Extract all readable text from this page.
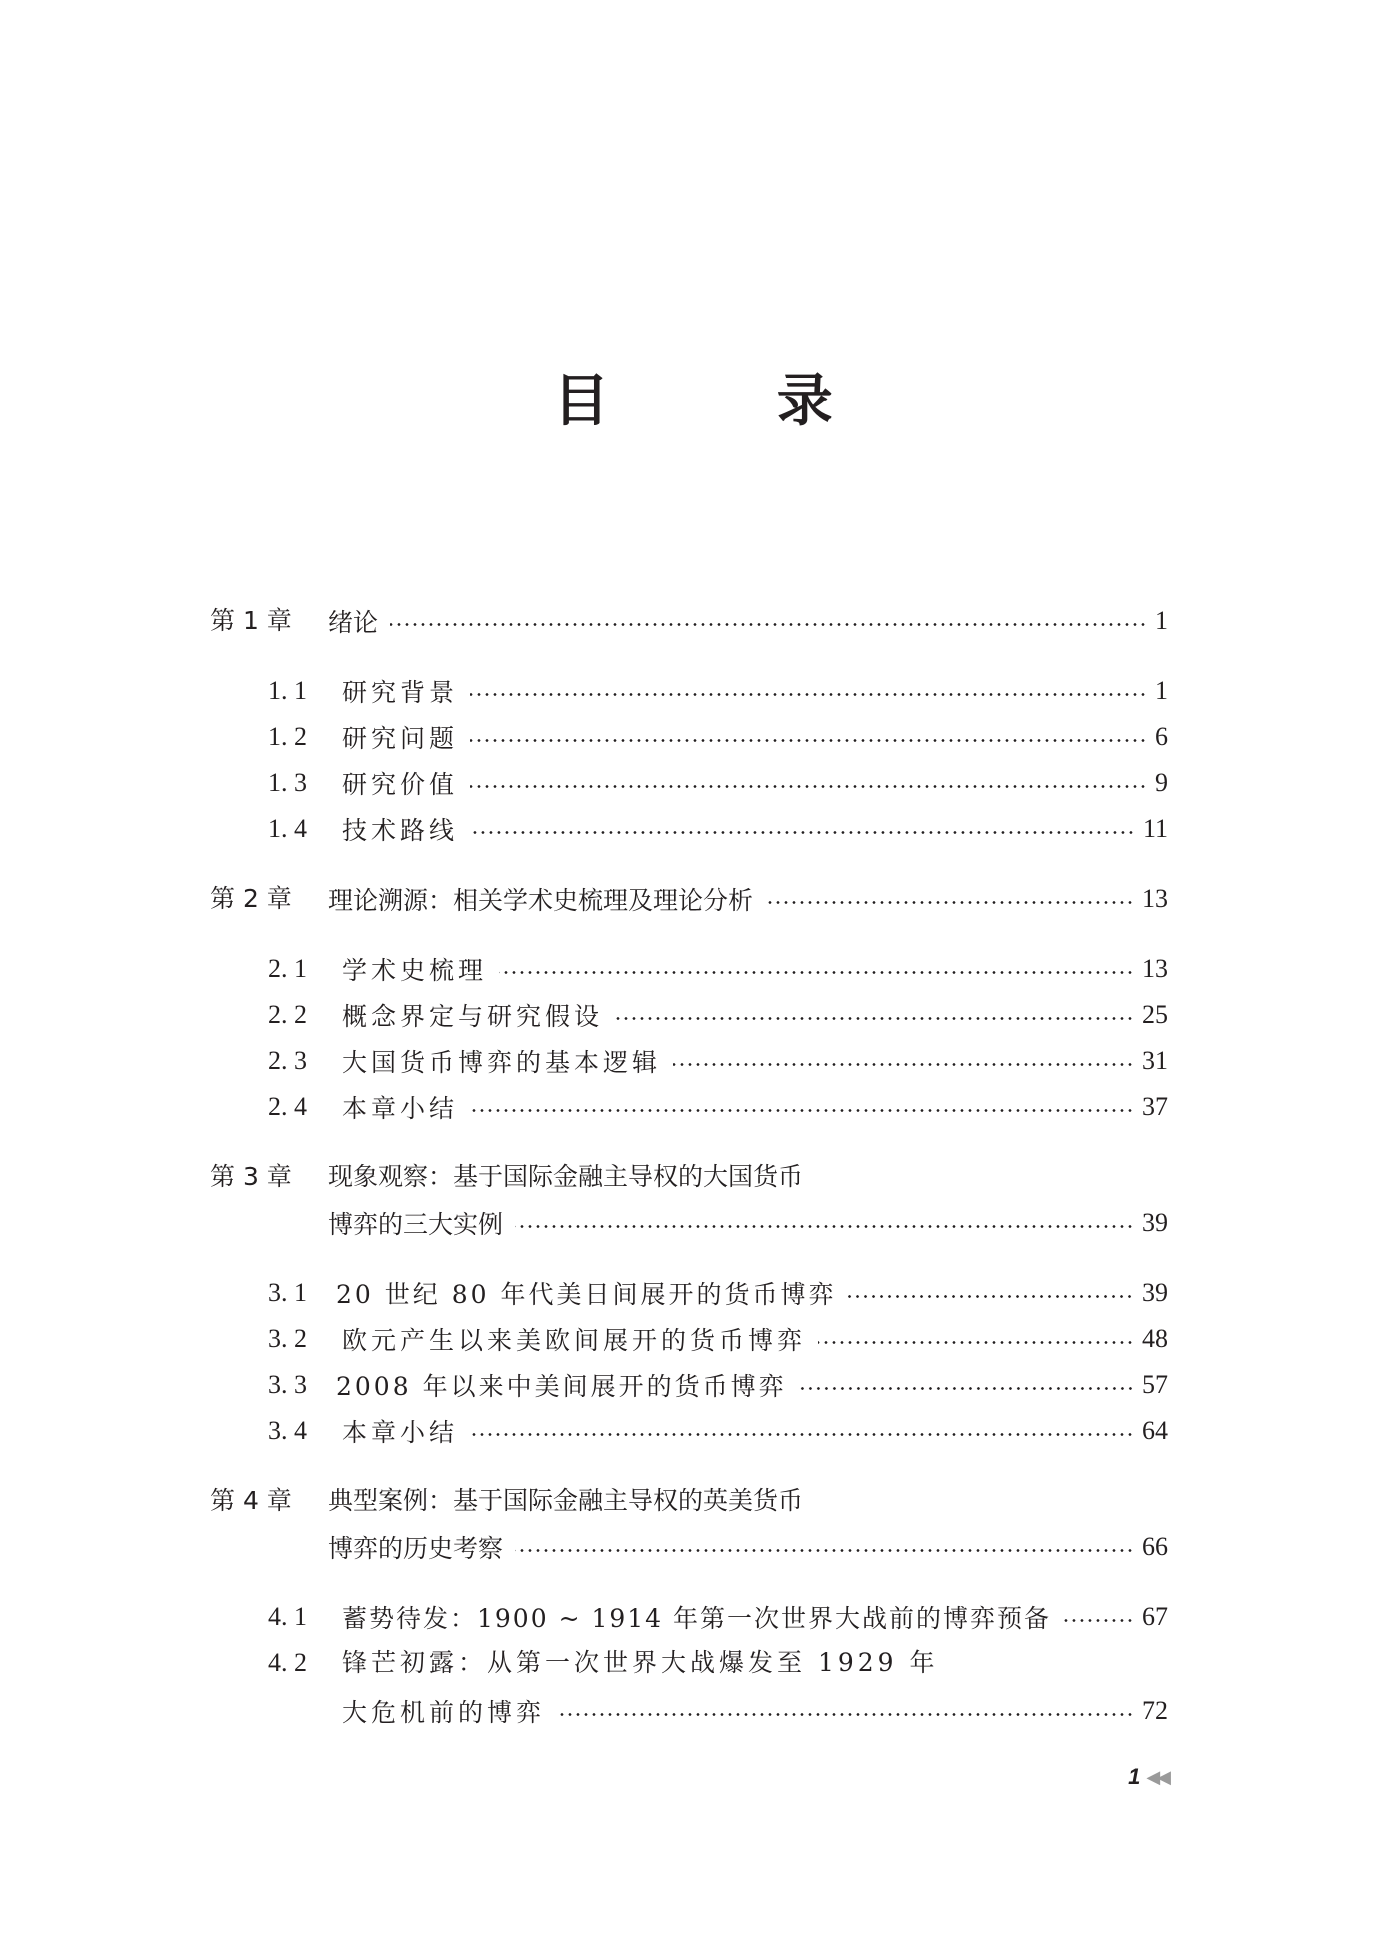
目 录
第 1 章 绪论	1
1. 1 研究背景	1
1. 2 研究问题	6
1. 3 研究价值	9
1. 4 技术路线	11
第 2 章 理论溯源：相关学术史梳理及理论分析	13
2. 1 学术史梳理	13
2. 2 概念界定与研究假设	25
2. 3 大国货币博弈的基本逻辑	31
2. 4 本章小结	37
第 3 章 现象观察：基于国际金融主导权的大国货币
博弈的三大实例	39
3. 1 20 世纪 80 年代美日间展开的货币博弈	39
3. 2 欧元产生以来美欧间展开的货币博弈	48
3. 3 2008 年以来中美间展开的货币博弈	57
3. 4 本章小结	64
第 4 章 典型案例：基于国际金融主导权的英美货币
博弈的历史考察	66
4. 1 蓄势待发：1900 ~ 1914 年第一次世界大战前的博弈预备	67
4. 2 锋芒初露：从第一次世界大战爆发至 1929 年
大危机前的博弈	72
1 ◀◀
